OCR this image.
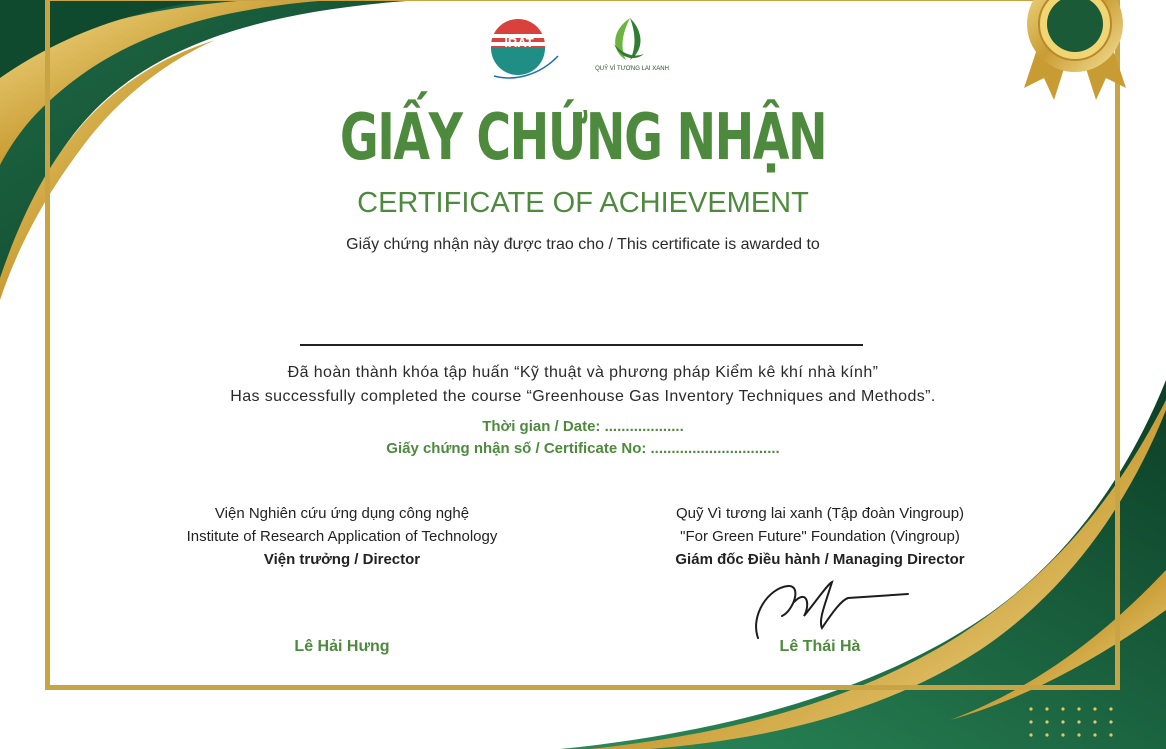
IRAT
QUỸ VÌ TƯƠNG LAI XANH
GIẤY CHỨNG NHẬN
CERTIFICATE OF ACHIEVEMENT
Giấy chứng nhận này được trao cho / This certificate is awarded to
Đã hoàn thành khóa tập huấn “Kỹ thuật và phương pháp Kiểm kê khí nhà kính”
Has successfully completed the course “Greenhouse Gas Inventory Techniques and Methods”.
Thời gian / Date: ...................
Giấy chứng nhận số / Certificate No: ...............................
Viện Nghiên cứu ứng dụng công nghệ
Institute of Research Application of Technology
Viện trưởng / Director
Quỹ Vì tương lai xanh (Tập đoàn Vingroup)
"For Green Future" Foundation (Vingroup)
Giám đốc Điều hành / Managing Director
Lê Hải Hưng	Lê Thái Hà
